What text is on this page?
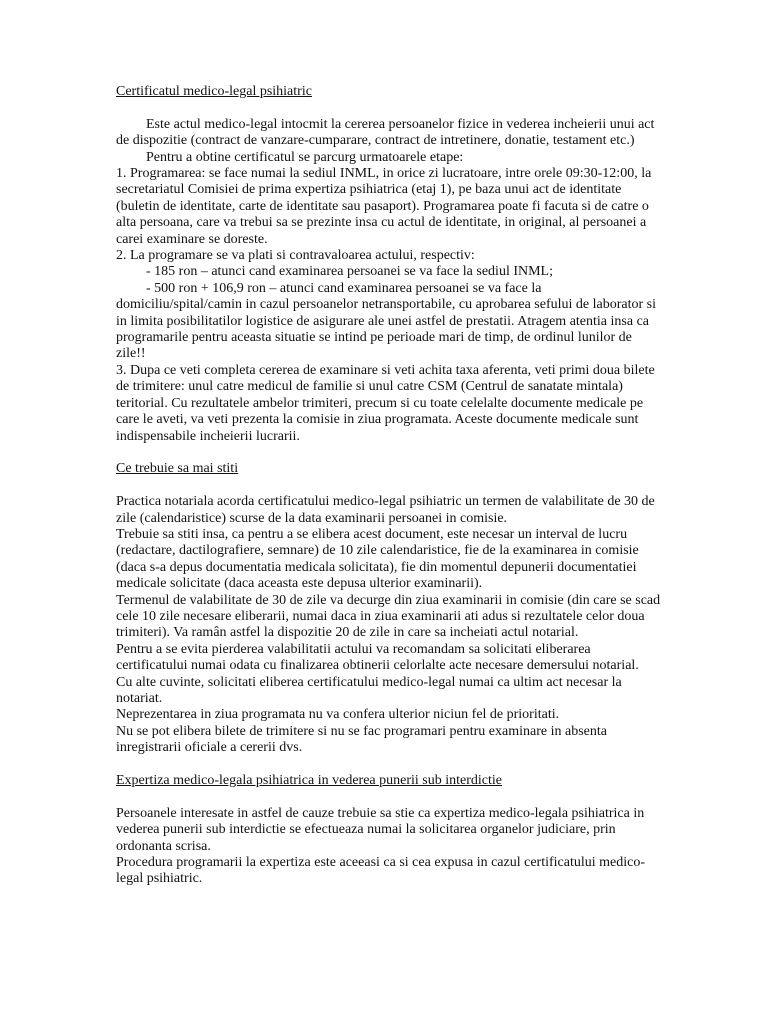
Certificatul medico-legal psihiatric

Este actul medico-legal intocmit la cererea persoanelor fizice in vederea incheierii unui act de dispozitie (contract de vanzare-cumparare, contract de intretinere, donatie, testament etc.)

Pentru a obtine certificatul se parcurg urmatoarele etape:

1. Programarea: se face numai la sediul INML, in orice zi lucratoare, intre orele 09:30-12:00, la secretariatul Comisiei de prima expertiza psihiatrica (etaj 1), pe baza unui act de identitate (buletin de identitate, carte de identitate sau pasaport). Programarea poate fi facuta si de catre o alta persoana, care va trebui sa se prezinte insa cu actul de identitate, in original, al persoanei a carei examinare se doreste.

2. La programare se va plati si contravaloarea actului, respectiv:

- 185 ron – atunci cand examinarea persoanei se va face la sediul INML;

- 500 ron + 106,9 ron – atunci cand examinarea persoanei se va face la

domiciliu/spital/camin in cazul persoanelor netransportabile, cu aprobarea sefului de laborator si in limita posibilitatilor logistice de asigurare ale unei astfel de prestatii. Atragem atentia insa ca programarile pentru aceasta situatie se intind pe perioade mari de timp, de ordinul lunilor de zile!!

3. Dupa ce veti completa cererea de examinare si veti achita taxa aferenta, veti primi doua bilete de trimitere: unul catre medicul de familie si unul catre CSM (Centrul de sanatate mintala) teritorial. Cu rezultatele ambelor trimiteri, precum si cu toate celelalte documente medicale pe care le aveti, va veti prezenta la comisie in ziua programata. Aceste documente medicale sunt indispensabile incheierii lucrarii.

Ce trebuie sa mai stiti

Practica notariala acorda certificatului medico-legal psihiatric un termen de valabilitate de 30 de zile (calendaristice) scurse de la data examinarii persoanei in comisie.

Trebuie sa stiti insa, ca pentru a se elibera acest document, este necesar un interval de lucru (redactare, dactilografiere, semnare) de 10 zile calendaristice, fie de la examinarea in comisie (daca s-a depus documentatia medicala solicitata), fie din momentul depunerii documentatiei medicale solicitate (daca aceasta este depusa ulterior examinarii).

Termenul de valabilitate de 30 de zile va decurge din ziua examinarii in comisie (din care se scad cele 10 zile necesare eliberarii, numai daca in ziua examinarii ati adus si rezultatele celor doua trimiteri). Va ramân astfel la dispozitie 20 de zile in care sa incheiati actul notarial.

Pentru a se evita pierderea valabilitatii actului va recomandam sa solicitati eliberarea certificatului numai odata cu finalizarea obtinerii celorlalte acte necesare demersului notarial.

Cu alte cuvinte, solicitati eliberea certificatului medico-legal numai ca ultim act necesar la notariat.

Neprezentarea in ziua programata nu va confera ulterior niciun fel de prioritati.

Nu se pot elibera bilete de trimitere si nu se fac programari pentru examinare in absenta inregistrarii oficiale a cererii dvs.

Expertiza medico-legala psihiatrica in vederea punerii sub interdictie

Persoanele interesate in astfel de cauze trebuie sa stie ca expertiza medico-legala psihiatrica in vederea punerii sub interdictie se efectueaza numai la solicitarea organelor judiciare, prin ordonanta scrisa.

Procedura programarii la expertiza este aceeasi ca si cea expusa in cazul certificatului medico-legal psihiatric.
